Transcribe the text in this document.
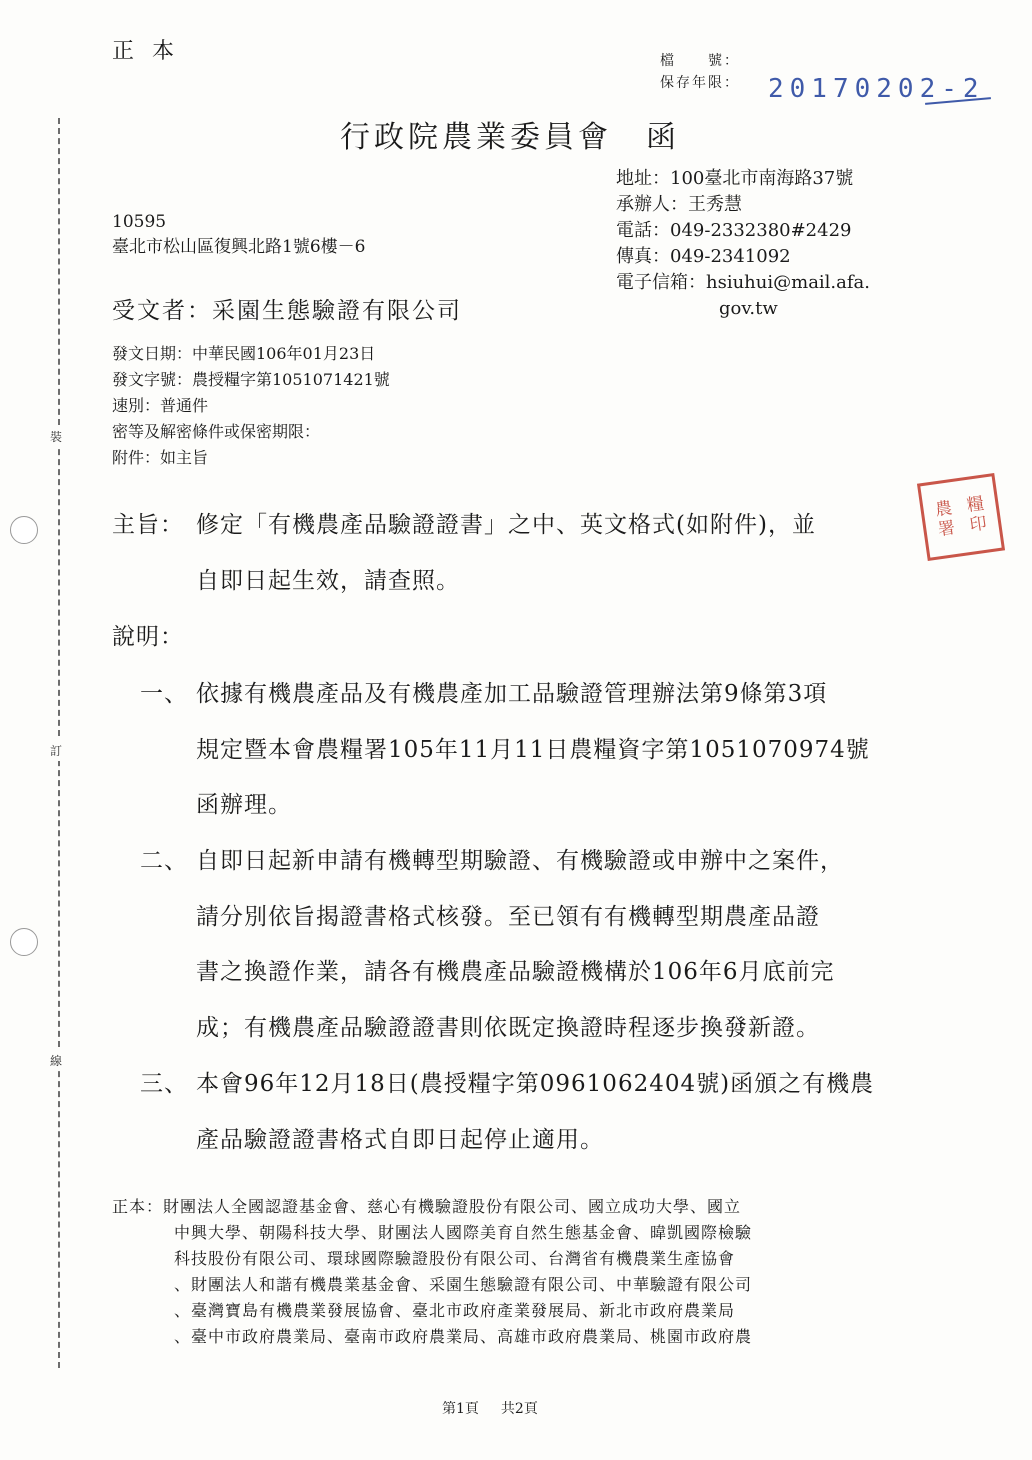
裝
訂
線
正本	檔　　號：
保存年限： 20170202-2
行政院農業委員會 函
地址：100臺北市南海路37號
承辦人：王秀慧
電話：049-2332380#2429
傳真：049-2341092
電子信箱：hsiuhui@mail.afa.
gov.tw
10595
臺北市松山區復興北路1號6樓－6
受文者：采園生態驗證有限公司
發文日期：中華民國106年01月23日
發文字號：農授糧字第1051071421號
速別：普通件
密等及解密條件或保密期限：
附件：如主旨
主旨： 修定「有機農產品驗證證書」之中、英文格式(如附件)，並
自即日起生效，請查照。
農 糧
署 印
說明：
一、 依據有機農產品及有機農產加工品驗證管理辦法第9條第3項
規定暨本會農糧署105年11月11日農糧資字第1051070974號
函辦理。
二、 自即日起新申請有機轉型期驗證、有機驗證或申辦中之案件，
請分別依旨揭證書格式核發。至已領有有機轉型期農產品證
書之換證作業，請各有機農產品驗證機構於106年6月底前完
成；有機農產品驗證證書則依既定換證時程逐步換發新證。
三、 本會96年12月18日(農授糧字第0961062404號)函頒之有機農
產品驗證證書格式自即日起停止適用。
正本：財團法人全國認證基金會、慈心有機驗證股份有限公司、國立成功大學、國立
中興大學、朝陽科技大學、財團法人國際美育自然生態基金會、暐凱國際檢驗
科技股份有限公司、環球國際驗證股份有限公司、台灣省有機農業生產協會
、財團法人和諧有機農業基金會、采園生態驗證有限公司、中華驗證有限公司
、臺灣寶島有機農業發展協會、臺北市政府產業發展局、新北市政府農業局
、臺中市政府農業局、臺南市政府農業局、高雄市政府農業局、桃園市政府農
第1頁 共2頁
